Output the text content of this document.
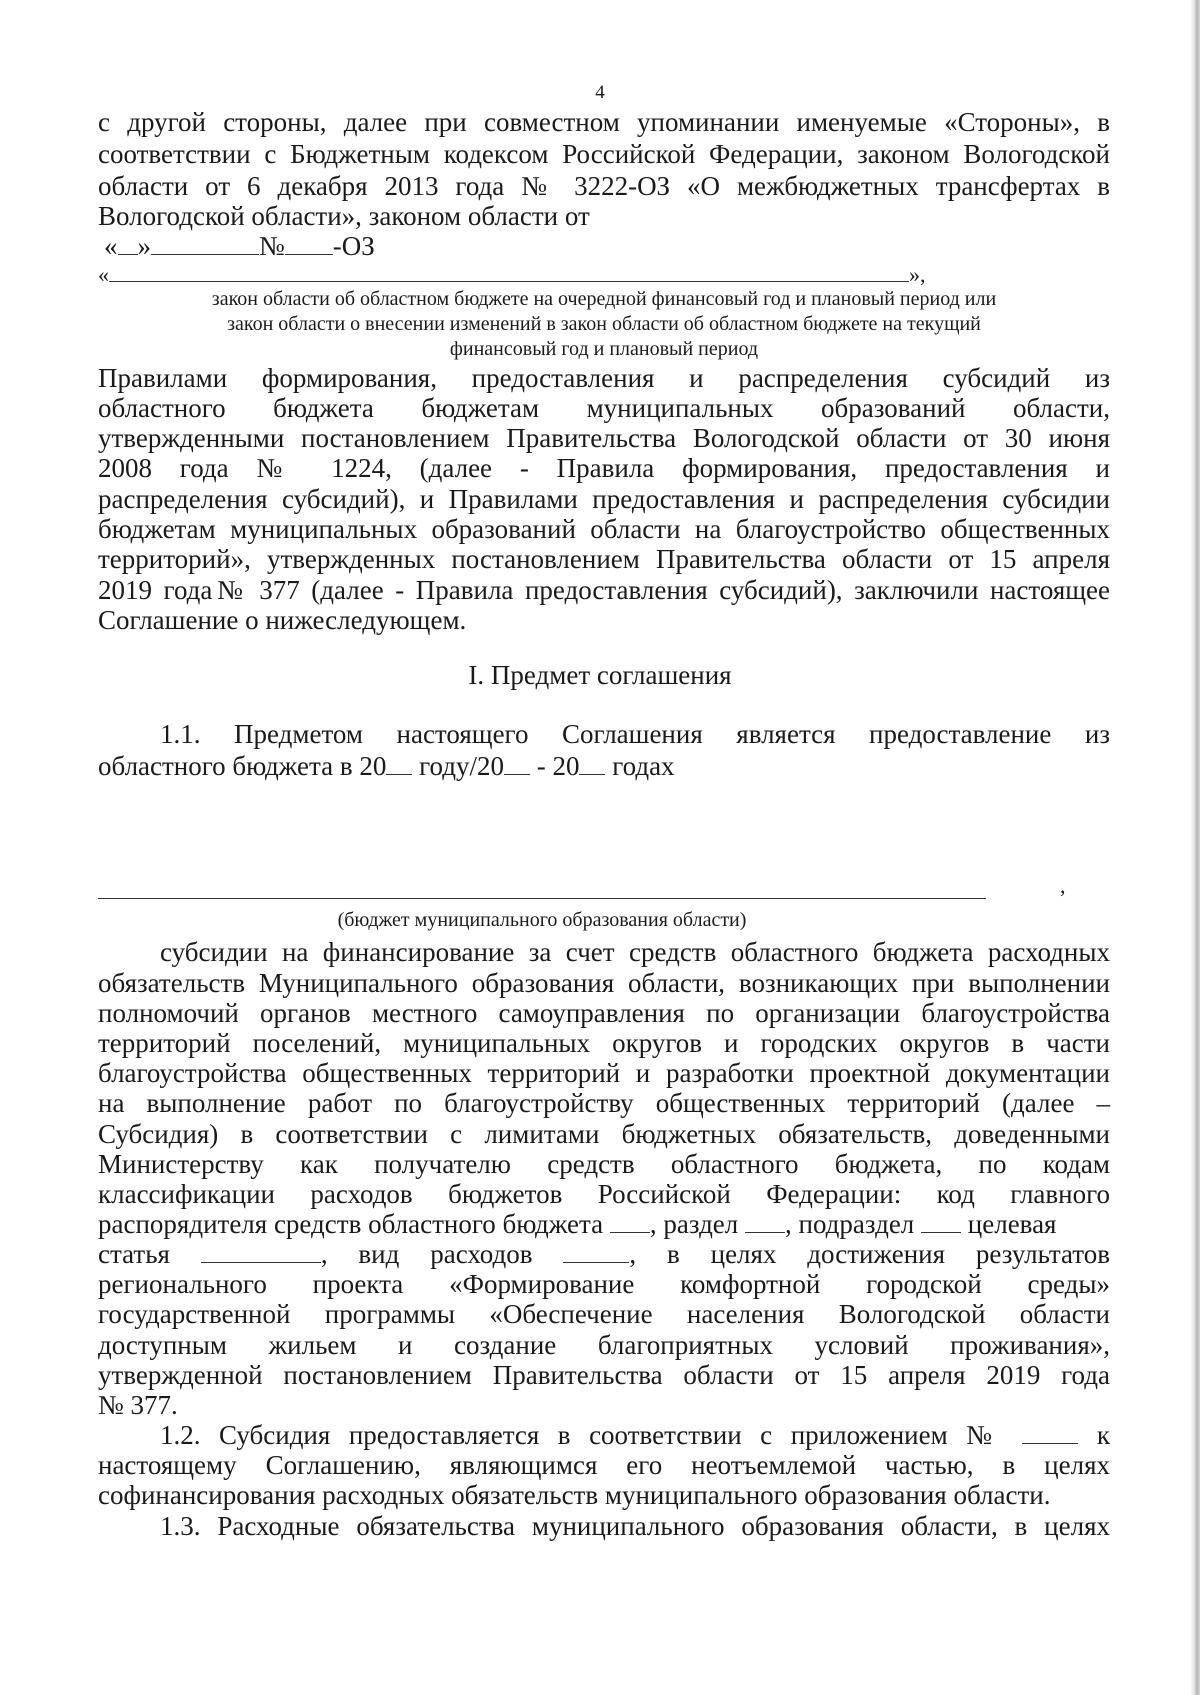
4
с другой стороны, далее при совместном упоминании именуемые «Стороны», в
соответствии с Бюджетным кодексом Российской Федерации, законом Вологодской
области от 6 декабря 2013 года № 3222-ОЗ «О межбюджетных трансфертах в
Вологодской области», законом области от
« »	№ -ОЗ
«	»,
закон области об областном бюджете на очередной финансовый год и плановый период или
закон области о внесении изменений в закон области об областном бюджете на текущий
финансовый год и плановый период
Правилами формирования, предоставления и распределения субсидий из
областного бюджета бюджетам муниципальных образований области,
утвержденными постановлением Правительства Вологодской области от 30 июня
2008 года № 1224, (далее - Правила формирования, предоставления и
распределения субсидий), и Правилами предоставления и распределения субсидии
бюджетам муниципальных образований области на благоустройство общественных
территорий», утвержденных постановлением Правительства области от 15 апреля
2019 года№ 377 (далее - Правила предоставления субсидий), заключили настоящее
Соглашение о нижеследующем.
I. Предмет соглашения
1.1. Предметом настоящего Соглашения является предоставление из
областного бюджета в 20 году/20 - 20 годах
,
(бюджет муниципального образования области)
субсидии на финансирование за счет средств областного бюджета расходных
обязательств Муниципального образования области, возникающих при выполнении
полномочий органов местного самоуправления по организации благоустройства
территорий поселений, муниципальных округов и городских округов в части
благоустройства общественных территорий и разработки проектной документации
на выполнение работ по благоустройству общественных территорий (далее –
Субсидия) в соответствии с лимитами бюджетных обязательств, доведенными
Министерству как получателю средств областного бюджета, по кодам
классификации расходов бюджетов Российской Федерации: код главного
распорядителя средств областного бюджета , раздел , подраздел  целевая
статья	, вид расходов	, в целях достижения результатов
регионального проекта «Формирование комфортной городской среды»
государственной программы «Обеспечение населения Вологодской области
доступным жильем и создание благоприятных условий проживания»,
утвержденной постановлением Правительства области от 15 апреля 2019 года
№ 377.
1.2. Субсидия предоставляется в соответствии с приложением №	к
настоящему Соглашению, являющимся его неотъемлемой частью, в целях
софинансирования расходных обязательств муниципального образования области.
1.3. Расходные обязательства муниципального образования области, в целях
